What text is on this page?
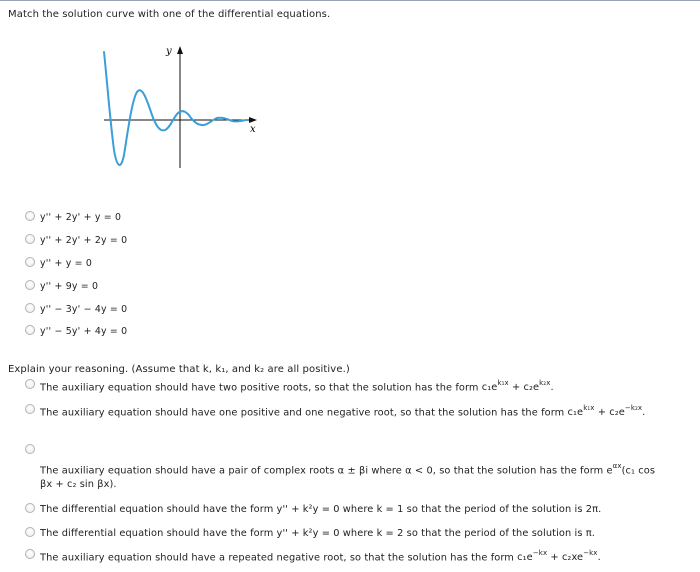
Match the solution curve with one of the differential equations.
y
x
y'' + 2y' + y = 0
y'' + 2y' + 2y = 0
y'' + y = 0
y'' + 9y = 0
y'' − 3y' − 4y = 0
y'' − 5y' + 4y = 0
Explain your reasoning. (Assume that k, k₁, and k₂ are all positive.)
The auxiliary equation should have two positive roots, so that the solution has the form $c_1e^{k_1x} + c_2e^{k_2x}$.
The auxiliary equation should have one positive and one negative root, so that the solution has the form $c_1e^{k_1x} + c_2e^{-k_2x}$.
The auxiliary equation should have a pair of complex roots α ± βi where α < 0, so that the solution has the form $e^{\alpha x}(c_1$ cos
βx + c₂ sin βx).
The differential equation should have the form y'' + k²y = 0 where k = 1 so that the period of the solution is 2π.
The differential equation should have the form y'' + k²y = 0 where k = 2 so that the period of the solution is π.
The auxiliary equation should have a repeated negative root, so that the solution has the form $c_1e^{-kx} + c_2xe^{-kx}$.
